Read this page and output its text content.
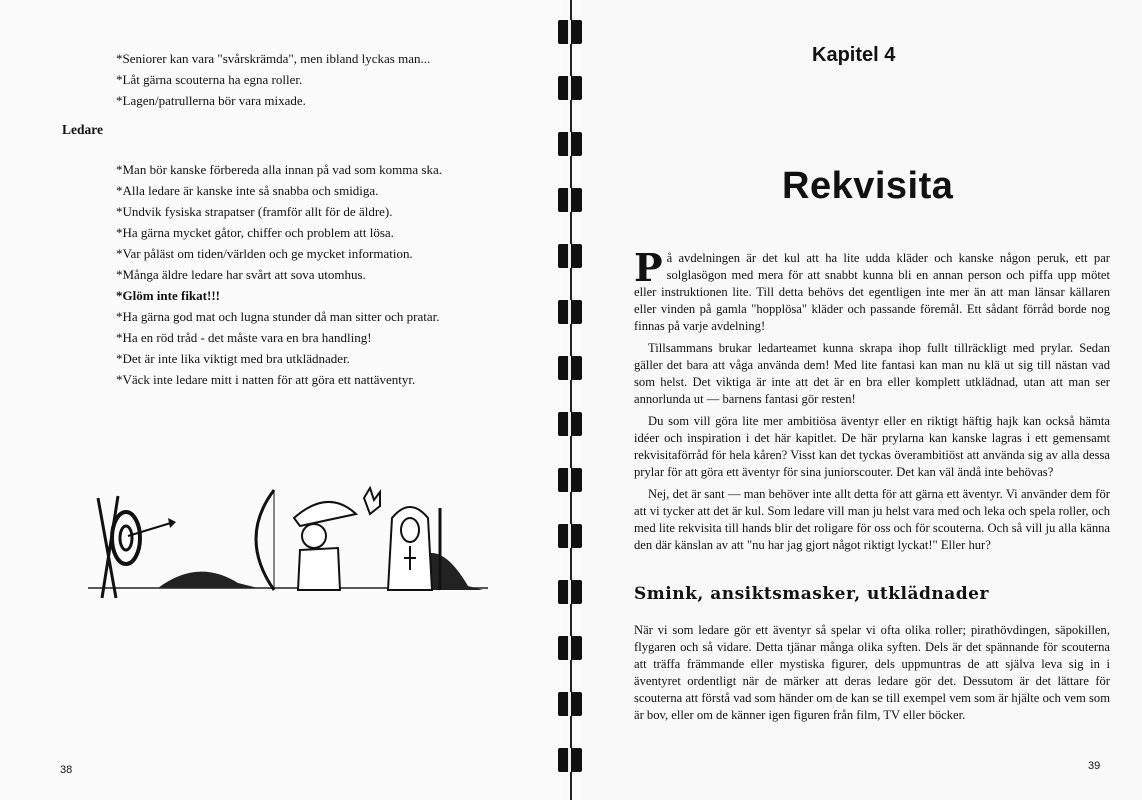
*Seniorer kan vara "svårskrämda", men ibland lyckas man...
*Låt gärna scouterna ha egna roller.
*Lagen/patrullerna bör vara mixade.
Ledare
*Man bör kanske förbereda alla innan på vad som komma ska.
*Alla ledare är kanske inte så snabba och smidiga.
*Undvik fysiska strapatser (framför allt för de äldre).
*Ha gärna mycket gåtor, chiffer och problem att lösa.
*Var påläst om tiden/världen och ge mycket information.
*Många äldre ledare har svårt att sova utomhus.
*Glöm inte fikat!!!
*Ha gärna god mat och lugna stunder då man sitter och pratar.
*Ha en röd tråd - det måste vara en bra handling!
*Det är inte lika viktigt med bra utklädnader.
*Väck inte ledare mitt i natten för att göra ett nattäventyr.
38
Kapitel 4
Rekvisita

På avdelningen är det kul att ha lite udda kläder och kanske någon peruk, ett par solglasögon med mera för att snabbt kunna bli en annan person och piffa upp mötet eller instruktionen lite. Till detta behövs det egentligen inte mer än att man länsar källaren eller vinden på gamla "hopplösa" kläder och passande föremål. Ett sådant förråd borde nog finnas på varje avdelning!

Tillsammans brukar ledarteamet kunna skrapa ihop fullt tillräckligt med prylar. Sedan gäller det bara att våga använda dem! Med lite fantasi kan man nu klä ut sig till nästan vad som helst. Det viktiga är inte att det är en bra eller komplett utklädnad, utan att man ser annorlunda ut — barnens fantasi gör resten!

Du som vill göra lite mer ambitiösa äventyr eller en riktigt häftig hajk kan också hämta idéer och inspiration i det här kapitlet. De här prylarna kan kanske lagras i ett gemensamt rekvisitaförråd för hela kåren? Visst kan det tyckas överambitiöst att använda sig av alla dessa prylar för att göra ett äventyr för sina juniorscouter. Det kan väl ändå inte behövas?

Nej, det är sant — man behöver inte allt detta för att gärna ett äventyr. Vi använder dem för att vi tycker att det är kul. Som ledare vill man ju helst vara med och leka och spela roller, och med lite rekvisita till hands blir det roligare för oss och för scouterna. Och så vill ju alla känna den där känslan av att "nu har jag gjort något riktigt lyckat!" Eller hur?

Smink, ansiktsmasker, utklädnader

När vi som ledare gör ett äventyr så spelar vi ofta olika roller; pirathövdingen, säpokillen, flygaren och så vidare. Detta tjänar många olika syften. Dels är det spännande för scouterna att träffa främmande eller mystiska figurer, dels uppmuntras de att själva leva sig in i äventyret ordentligt när de märker att deras ledare gör det. Dessutom är det lättare för scouterna att förstå vad som händer om de kan se till exempel vem som är hjälte och vem som är bov, eller om de känner igen figuren från film, TV eller böcker.

39
